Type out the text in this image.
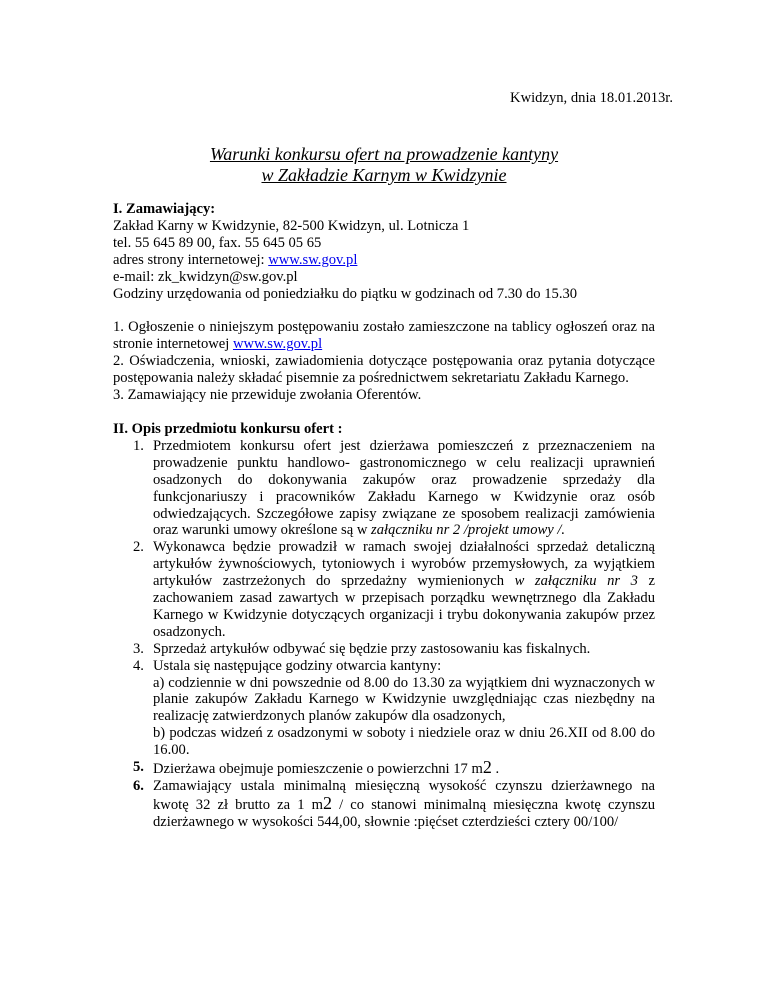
Kwidzyn, dnia 18.01.2013r.
Warunki konkursu ofert na prowadzenie kantyny
w Zakładzie Karnym w Kwidzynie

I. Zamawiający:

Zakład Karny w Kwidzynie, 82-500 Kwidzyn, ul. Lotnicza 1

tel. 55 645 89 00, fax. 55 645 05 65

adres strony internetowej: www.sw.gov.pl

e-mail: zk_kwidzyn@sw.gov.pl

Godziny urzędowania od poniedziałku do piątku w godzinach od 7.30 do 15.30

1. Ogłoszenie o niniejszym postępowaniu zostało zamieszczone na tablicy ogłoszeń oraz na stronie internetowej www.sw.gov.pl

2. Oświadczenia, wnioski, zawiadomienia dotyczące postępowania oraz pytania dotyczące postępowania należy składać pisemnie za pośrednictwem sekretariatu Zakładu Karnego.

3. Zamawiający nie przewiduje zwołania Oferentów.

II. Opis przedmiotu konkursu ofert :

1. Przedmiotem konkursu ofert jest dzierżawa pomieszczeń z przeznaczeniem na prowadzenie punktu handlowo- gastronomicznego w celu realizacji uprawnień osadzonych do dokonywania zakupów oraz prowadzenie sprzedaży dla funkcjonariuszy i pracowników Zakładu Karnego w Kwidzynie oraz osób odwiedzających. Szczegółowe zapisy związane ze sposobem realizacji zamówienia oraz warunki umowy określone są w załączniku nr 2 /projekt umowy /.
2. Wykonawca będzie prowadził w ramach swojej działalności sprzedaż detaliczną artykułów żywnościowych, tytoniowych i wyrobów przemysłowych, za wyjątkiem artykułów zastrzeżonych do sprzedażny wymienionych w załączniku nr 3 z zachowaniem zasad zawartych w przepisach porządku wewnętrznego dla Zakładu Karnego w Kwidzynie dotyczących organizacji i trybu dokonywania zakupów przez osadzonych.
3. Sprzedaż artykułów odbywać się będzie przy zastosowaniu kas fiskalnych.
4. Ustala się następujące godziny otwarcia kantyny:
a) codziennie w dni powszednie od 8.00 do 13.30 za wyjątkiem dni wyznaczonych w planie zakupów Zakładu Karnego w Kwidzynie uwzględniając czas niezbędny na realizację zatwierdzonych planów zakupów dla osadzonych,
b) podczas widzeń z osadzonymi w soboty i niedziele oraz w dniu 26.XII od 8.00 do 16.00.
5. Dzierżawa obejmuje pomieszczenie o powierzchni 17 m2 .
6. Zamawiający ustala minimalną miesięczną wysokość czynszu dzierżawnego na kwotę 32 zł brutto za 1 m2 / co stanowi minimalną miesięczna kwotę czynszu dzierżawnego w wysokości 544,00, słownie :pięćset czterdzieści cztery 00/100/
